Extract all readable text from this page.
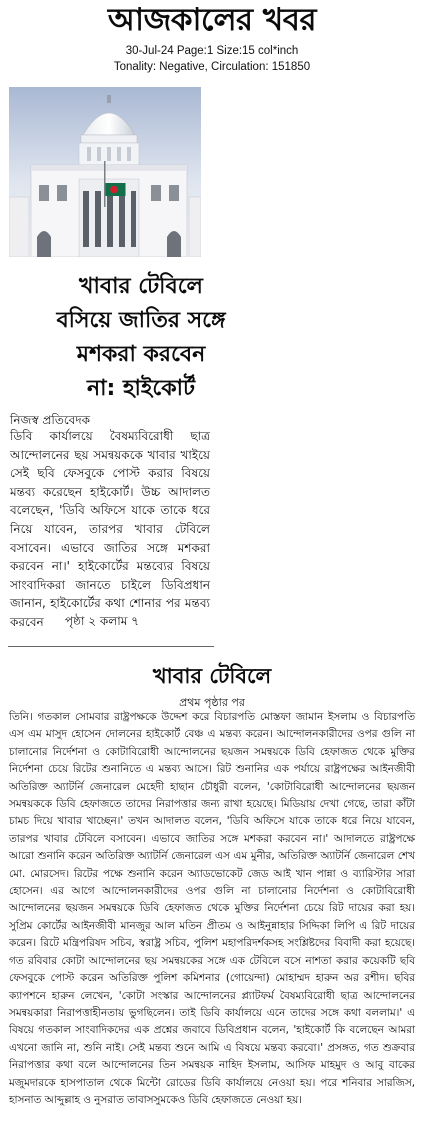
আজকালের খবর
30-Jul-24 Page:1 Size:15 col*inch
Tonality: Negative, Circulation: 151850
খাবার টেবিলে
বসিয়ে জাতির সঙ্গে
মশকরা করবেন
না: হাইকোর্ট
নিজস্ব প্রতিবেদক
ডিবি কার্যালয়ে বৈষম্যবিরোধী ছাত্র আন্দোলনের ছয় সমন্বয়ককে খাবার খাইয়ে সেই ছবি ফেসবুকে পোস্ট করার বিষয়ে মন্তব্য করেছেন হাইকোর্ট। উচ্চ আদালত বলেছেন, 'ডিবি অফিসে যাকে তাকে ধরে নিয়ে যাবেন, তারপর খাবার টেবিলে বসাবেন। এভাবে জাতির সঙ্গে মশকরা করবেন না।' হাইকোর্টের মন্তব্যের বিষয়ে সাংবাদিকরা জানতে চাইলে ডিবিপ্রধান জানান, হাইকোর্টের কথা শোনার পর মন্তব্য করবেন	পৃষ্ঠা ২ কলাম ৭
খাবার টেবিলে
প্রথম পৃষ্ঠার পর

তিনি। গতকাল সোমবার রাষ্ট্রপক্ষকে উদ্দেশ করে বিচারপতি মোস্তফা জামান ইসলাম ও বিচারপতি এস এম মাসুদ হোসেন দোলনের হাইকোর্ট বেঞ্চ এ মন্তব্য করেন। আন্দোলনকারীদের ওপর গুলি না চালানোর নির্দেশনা ও কোটাবিরোধী আন্দোলনের ছয়জন সমন্বয়কে ডিবি হেফাজত থেকে মুক্তির নির্দেশনা চেয়ে রিটের শুনানিতে এ মন্তব্য আসে। রিট শুনানির এক পর্যায়ে রাষ্ট্রপক্ষের আইনজীবী অতিরিক্ত অ্যাটর্নি জেনারেল মেহেদী হাছান চৌধুরী বলেন, 'কোটাবিরোধী আন্দোলনের ছয়জন সমন্বয়ককে ডিবি হেফাজতে তাদের নিরাপত্তার জন্য রাখা হয়েছে। মিডিয়ায় দেখা গেছে, তারা কাঁটা চামচ দিয়ে খাবার খাচ্ছেন।' তখন আদালত বলেন, 'ডিবি অফিসে যাকে তাকে ধরে নিয়ে যাবেন, তারপর খাবার টেবিলে বসাবেন। এভাবে জাতির সঙ্গে মশকরা করবেন না।' আদালতে রাষ্ট্রপক্ষে আরো শুনানি করেন অতিরিক্ত অ্যাটর্নি জেনারেল এস এম মুনীর, অতিরিক্ত অ্যাটর্নি জেনারেল শেখ মো. মোরসেদ। রিটের পক্ষে শুনানি করেন অ্যাডভোকেট জেড আই খান পান্না ও ব্যারিস্টার সারা হোসেন। এর আগে আন্দোলনকারীদের ওপর গুলি না চালানোর নির্দেশনা ও কোটাবিরোধী আন্দোলনের ছয়জন সমন্বয়কে ডিবি হেফাজত থেকে মুক্তির নির্দেশনা চেয়ে রিট দায়ের করা হয়। সুপ্রিম কোর্টের আইনজীবী মানজুর আল মতিন প্রীতম ও আইনুন্নাহার সিদ্দিকা লিপি এ রিট দায়ের করেন। রিটে মন্ত্রিপরিষদ সচিব, স্বরাষ্ট্র সচিব, পুলিশ মহাপরিদর্শকসহ সংশ্লিষ্টদের বিবাদী করা হয়েছে। গত রবিবার কোটা আন্দোলনের ছয় সমন্বয়কের সঙ্গে এক টেবিলে বসে নাশতা করার কয়েকটি ছবি ফেসবুকে পোস্ট করেন অতিরিক্ত পুলিশ কমিশনার (গোয়েন্দা) মোহাম্মদ হারুন অর রশীদ। ছবির ক্যাপশনে হারুন লেখেন, 'কোটা সংস্কার আন্দোলনের প্ল্যাটফর্ম বৈষম্যবিরোধী ছাত্র আন্দোলনের সমন্বয়কারা নিরাপত্তাহীনতায় ভুগছিলেন। তাই ডিবি কার্যালয়ে এনে তাদের সঙ্গে কথা বললাম।' এ বিষয়ে গতকাল সাংবাদিকদের এক প্রশ্নের জবাবে ডিবিপ্রধান বলেন, 'হাইকোর্ট কি বলেছেন আমরা এখনো জানি না, শুনি নাই। সেই মন্তব্য শুনে আমি এ বিষয়ে মন্তব্য করবো।' প্রসঙ্গত, গত শুক্রবার নিরাপত্তার কথা বলে আন্দোলনের তিন সমন্বয়ক নাহিদ ইসলাম, আসিফ মাহমুদ ও আবু বাকের মজুমদারকে হাসপাতাল থেকে মিন্টো রোডের ডিবি কার্যালয়ে নেওয়া হয়। পরে শনিবার সারজিস, হাসনাত আব্দুল্লাহ ও নুসরাত তাবাসসুমকেও ডিবি হেফাজতে নেওয়া হয়।
